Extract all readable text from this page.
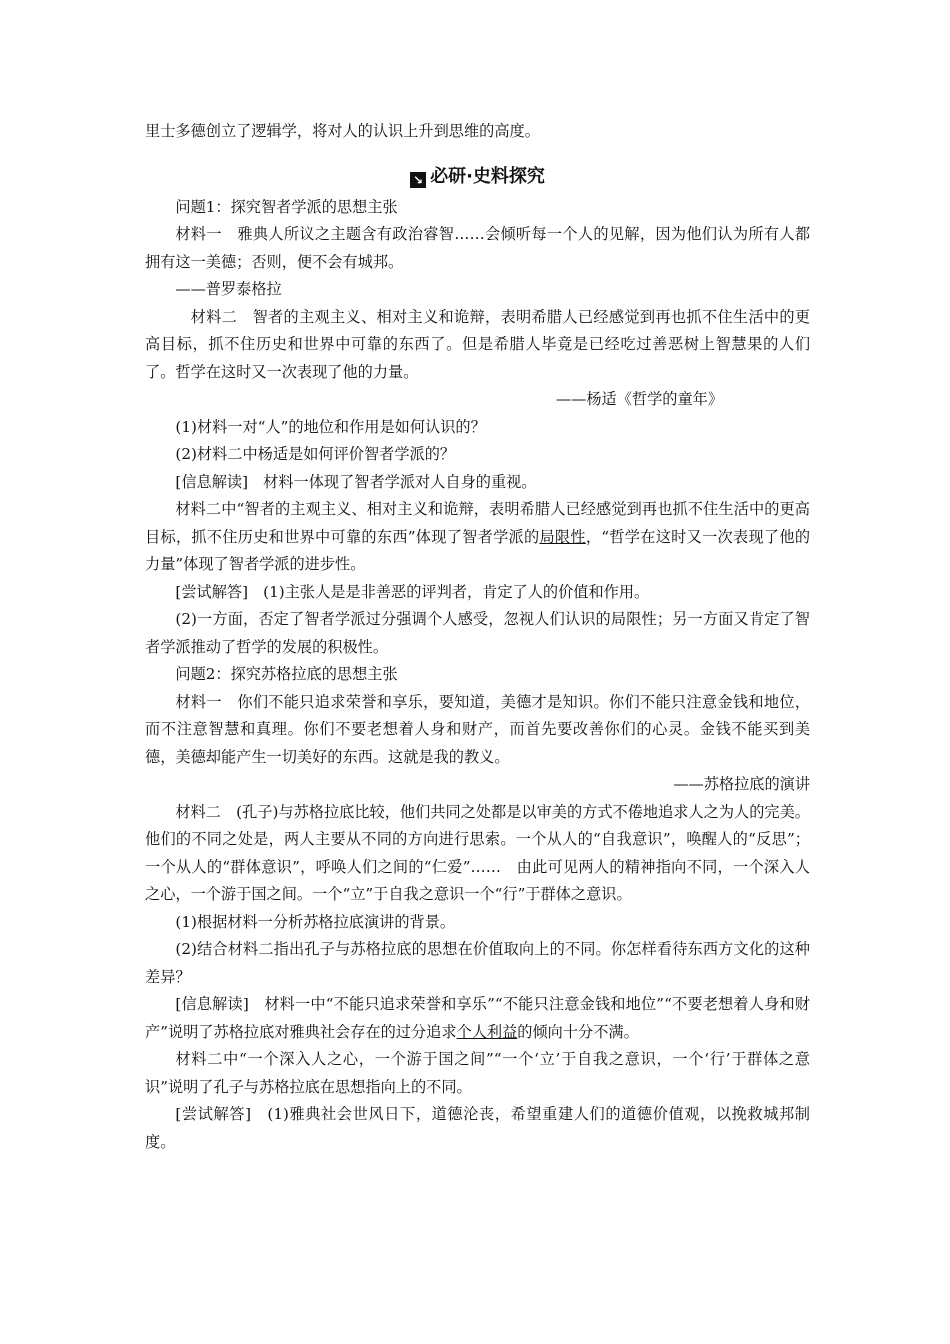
里士多德创立了逻辑学，将对人的认识上升到思维的高度。

↘ 必研·史料探究

问题1：探究智者学派的思想主张

材料一　雅典人所议之主题含有政治睿智……会倾听每一个人的见解，因为他们认为所有人都拥有这一美德；否则，便不会有城邦。

——普罗泰格拉

材料二　智者的主观主义、相对主义和诡辩，表明希腊人已经感觉到再也抓不住生活中的更高目标，抓不住历史和世界中可靠的东西了。但是希腊人毕竟是已经吃过善恶树上智慧果的人们了。哲学在这时又一次表现了他的力量。

——杨适《哲学的童年》

(1)材料一对“人”的地位和作用是如何认识的？

(2)材料二中杨适是如何评价智者学派的？

[信息解读]　材料一体现了智者学派对人自身的重视。

材料二中“智者的主观主义、相对主义和诡辩，表明希腊人已经感觉到再也抓不住生活中的更高目标，抓不住历史和世界中可靠的东西”体现了智者学派的局限性，“哲学在这时又一次表现了他的力量”体现了智者学派的进步性。

[尝试解答]　(1)主张人是是非善恶的评判者，肯定了人的价值和作用。

(2)一方面，否定了智者学派过分强调个人感受，忽视人们认识的局限性；另一方面又肯定了智者学派推动了哲学的发展的积极性。

问题2：探究苏格拉底的思想主张

材料一　你们不能只追求荣誉和享乐，要知道，美德才是知识。你们不能只注意金钱和地位，而不注意智慧和真理。你们不要老想着人身和财产，而首先要改善你们的心灵。金钱不能买到美德，美德却能产生一切美好的东西。这就是我的教义。

——苏格拉底的演讲

材料二　(孔子)与苏格拉底比较，他们共同之处都是以审美的方式不倦地追求人之为人的完美。他们的不同之处是，两人主要从不同的方向进行思索。一个从人的“自我意识”，唤醒人的“反思”；一个从人的“群体意识”，呼唤人们之间的“仁爱”……　由此可见两人的精神指向不同，一个深入人之心，一个游于国之间。一个“立”于自我之意识一个“行”于群体之意识。

(1)根据材料一分析苏格拉底演讲的背景。

(2)结合材料二指出孔子与苏格拉底的思想在价值取向上的不同。你怎样看待东西方文化的这种差异？

[信息解读]　材料一中“不能只追求荣誉和享乐”“不能只注意金钱和地位”“不要老想着人身和财产”说明了苏格拉底对雅典社会存在的过分追求个人利益的倾向十分不满。

材料二中“一个深入人之心，一个游于国之间”“一个‘立’于自我之意识，一个‘行’于群体之意识”说明了孔子与苏格拉底在思想指向上的不同。

[尝试解答]　(1)雅典社会世风日下，道德沦丧，希望重建人们的道德价值观，以挽救城邦制度。
